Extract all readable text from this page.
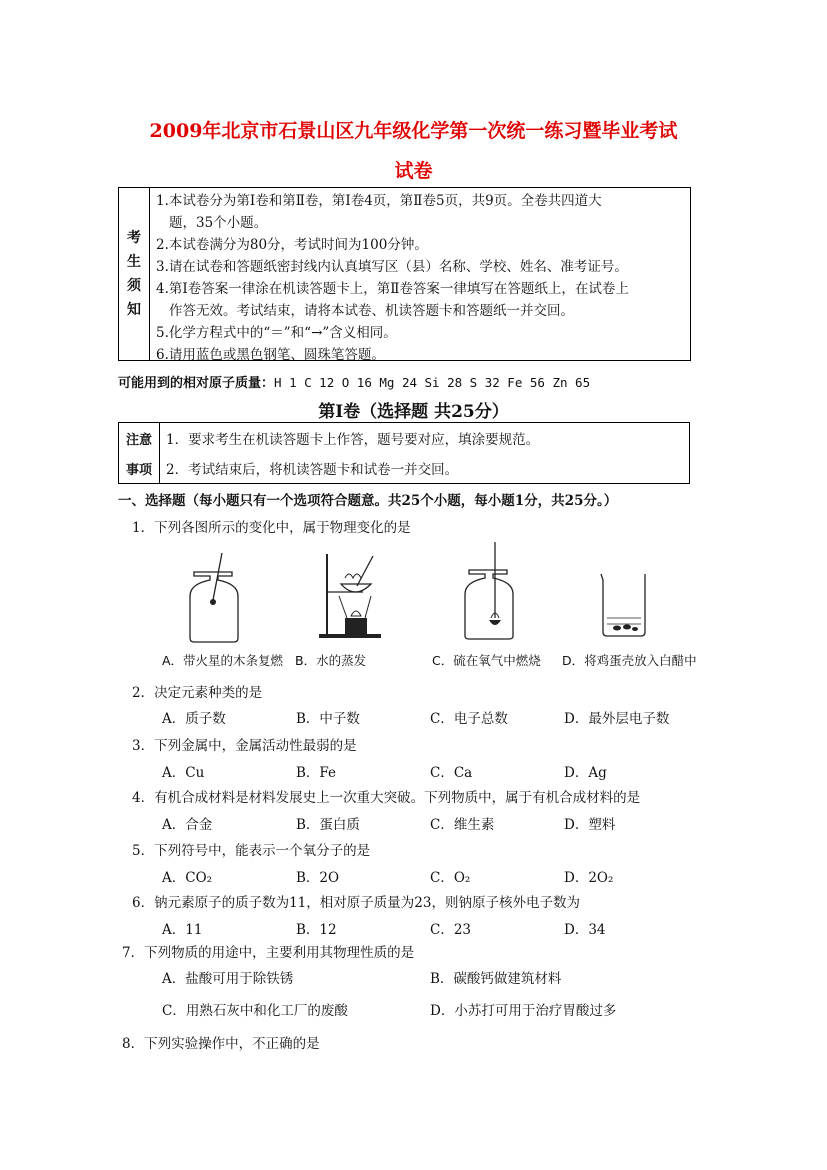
2009年北京市石景山区九年级化学第一次统一练习暨毕业考试
试卷
考
生
须
知
1.本试卷分为第Ⅰ卷和第Ⅱ卷，第Ⅰ卷4页，第Ⅱ卷5页，共9页。全卷共四道大
题，35个小题。
2.本试卷满分为80分，考试时间为100分钟。
3.请在试卷和答题纸密封线内认真填写区（县）名称、学校、姓名、准考证号。
4.第Ⅰ卷答案一律涂在机读答题卡上，第Ⅱ卷答案一律填写在答题纸上，在试卷上
作答无效。考试结束，请将本试卷、机读答题卡和答题纸一并交回。
5.化学方程式中的“＝”和“→”含义相同。
6.请用蓝色或黑色钢笔、圆珠笔答题。
可能用到的相对原子质量：H 1 C 12 O 16 Mg 24 Si 28 S 32 Fe 56 Zn 65
第Ⅰ卷（选择题 共25分）
注意
事项
1．要求考生在机读答题卡上作答，题号要对应，填涂要规范。
2．考试结束后，将机读答题卡和试卷一并交回。
一、选择题（每小题只有一个选项符合题意。共25个小题，每小题1分，共25分。）
1．下列各图所示的变化中，属于物理变化的是
A．带火星的木条复燃 B．水的蒸发	C．硫在氧气中燃烧 D．将鸡蛋壳放入白醋中
2．决定元素种类的是
A．质子数	B．中子数	C．电子总数	D．最外层电子数
3．下列金属中，金属活动性最弱的是
A．Cu	B．Fe	C．Ca	D．Ag
4．有机合成材料是材料发展史上一次重大突破。下列物质中，属于有机合成材料的是
A．合金	B．蛋白质	C．维生素	D．塑料
5．下列符号中，能表示一个氧分子的是
A．CO₂	B．2O	C．O₂	D．2O₂
6．钠元素原子的质子数为11，相对原子质量为23，则钠原子核外电子数为
A．11	B．12	C．23	D．34
7．下列物质的用途中，主要利用其物理性质的是
A．盐酸可用于除铁锈	B．碳酸钙做建筑材料
C．用熟石灰中和化工厂的废酸	D．小苏打可用于治疗胃酸过多
8．下列实验操作中，不正确的是
